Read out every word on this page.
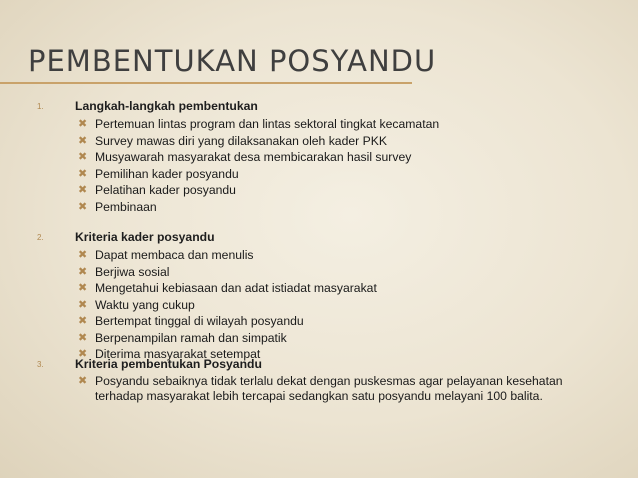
PEMBENTUKAN POSYANDU
1.	Langkah-langkah pembentukan
✖ Pertemuan lintas program dan lintas sektoral tingkat kecamatan
✖ Survey mawas diri yang dilaksanakan oleh kader PKK
✖ Musyawarah masyarakat desa membicarakan hasil survey
✖ Pemilihan kader posyandu
✖ Pelatihan kader posyandu
✖ Pembinaan
2.	Kriteria kader posyandu
✖ Dapat membaca dan menulis
✖ Berjiwa sosial
✖ Mengetahui kebiasaan dan adat istiadat masyarakat
✖ Waktu yang cukup
✖ Bertempat tinggal di wilayah posyandu
✖ Berpenampilan ramah dan simpatik
✖ Diterima masyarakat setempat
3.	Kriteria pembentukan Posyandu
✖ Posyandu sebaiknya tidak terlalu dekat dengan puskesmas agar pelayanan kesehatan terhadap masyarakat lebih tercapai sedangkan satu posyandu melayani 100 balita.
